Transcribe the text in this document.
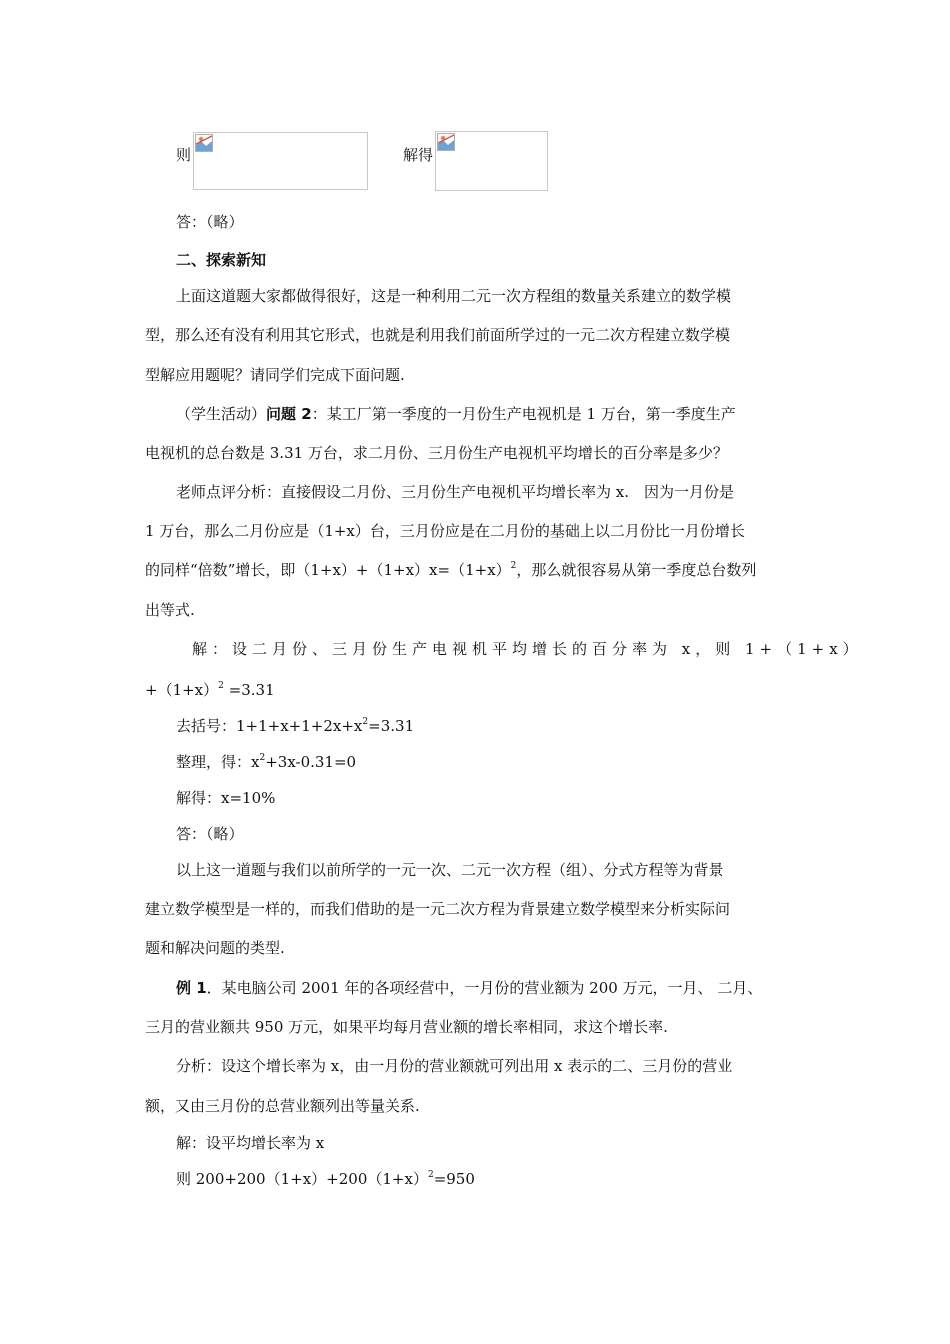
则	解得
答：（略）
二、探索新知
上面这道题大家都做得很好，这是一种利用二元一次方程组的数量关系建立的数学模
型，那么还有没有利用其它形式，也就是利用我们前面所学过的一元二次方程建立数学模
型解应用题呢？请同学们完成下面问题.
（学生活动）问题 2：某工厂第一季度的一月份生产电视机是 1 万台，第一季度生产
电视机的总台数是 3.31 万台，求二月份、三月份生产电视机平均增长的百分率是多少？
老师点评分析：直接假设二月份、三月份生产电视机平均增长率为 x.　因为一月份是
1 万台，那么二月份应是（1+x）台，三月份应是在二月份的基础上以二月份比一月份增长
的同样“倍数”增长，即$(1+x)+(1+x)x=(1+x)^2$，那么就很容易从第一季度总台数列
出等式.
解：设二月份、三月份生产电视机平均增长的百分率为 x，则 1+（1+x）
$+(1+x)^2 =3.31$
去括号：$1+1+x+1+2x+x^2=3.31$
整理，得：$x^2+3x-0.31=0$
解得：x=10%
答：（略）
以上这一道题与我们以前所学的一元一次、二元一次方程（组）、分式方程等为背景
建立数学模型是一样的，而我们借助的是一元二次方程为背景建立数学模型来分析实际问
题和解决问题的类型.
例 1．某电脑公司 2001 年的各项经营中，一月份的营业额为 200 万元，一月、 二月、
三月的营业额共 950 万元，如果平均每月营业额的增长率相同，求这个增长率.
分析：设这个增长率为 x，由一月份的营业额就可列出用 x 表示的二、三月份的营业
额，又由三月份的总营业额列出等量关系.
解：设平均增长率为 x
则 $200+200(1+x)+200(1+x)^2=950$
